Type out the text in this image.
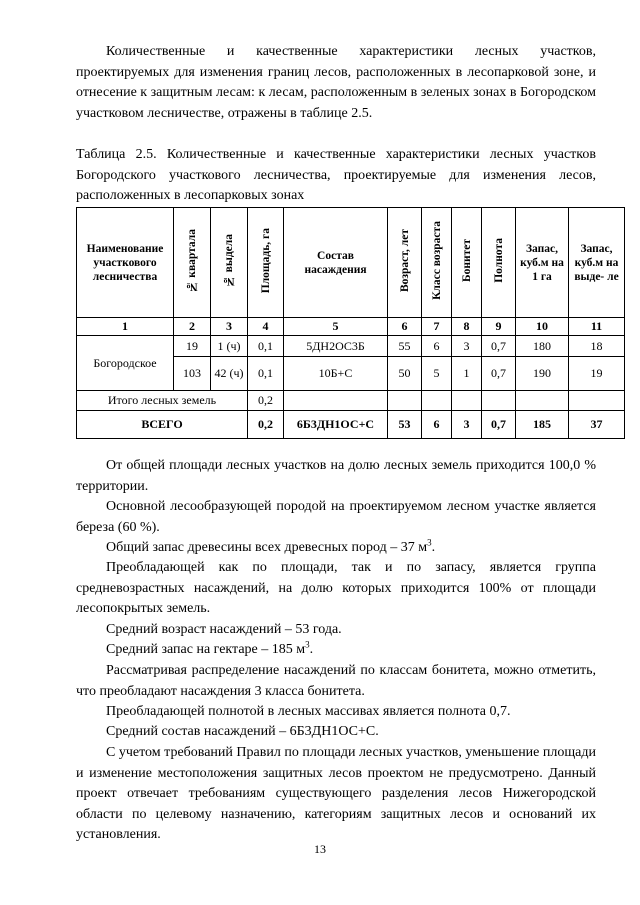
Количественные и качественные характеристики лесных участков, проектируемых для изменения границ лесов, расположенных в лесопарковой зоне, и отнесение к защитным лесам: к лесам, расположенным в зеленых зонах в Богородском участковом лесничестве, отражены в таблице 2.5.

Таблица 2.5. Количественные и качественные характеристики лесных участков Богородского участкового лесничества, проектируемые для изменения лесов, расположенных в лесопарковых зонах

Наименование участкового лесничества	№ квартала	№ выдела	Площадь, га	Состав насаждения	Возраст, лет	Класс возраста	Бонитет	Полнота	Запас, куб.м на 1 га	Запас, куб.м на выде- ле
1	2	3	4	5	6	7	8	9	10	11
Богородское	19	1 (ч)	0,1	5ДН2ОС3Б	55	6	3	0,7	180	18
	103	42 (ч)	0,1	10Б+С	50	5	1	0,7	190	19
Итого лесных земель			0,2							
ВСЕГО			0,2	6Б3ДН1ОС+С	53	6	3	0,7	185	37

От общей площади лесных участков на долю лесных земель приходится 100,0 % территории.

Основной лесообразующей породой на проектируемом лесном участке является береза (60 %).

Общий запас древесины всех древесных пород – 37 $м^3$.

Преобладающей как по площади, так и по запасу, является группа средневозрастных насаждений, на долю которых приходится 100% от площади лесопокрытых земель.

Средний возраст насаждений – 53 года.

Средний запас на гектаре – 185 $м^3$.

Рассматривая распределение насаждений по классам бонитета, можно отметить, что преобладают насаждения 3 класса бонитета.

Преобладающей полнотой в лесных массивах является полнота 0,7.

Средний состав насаждений – 6Б3ДН1ОС+С.

С учетом требований Правил по площади лесных участков, уменьшение площади и изменение местоположения защитных лесов проектом не предусмотрено. Данный проект отвечает требованиям существующего разделения лесов Нижегородской области по целевому назначению, категориям защитных лесов и оснований их установления.

13
